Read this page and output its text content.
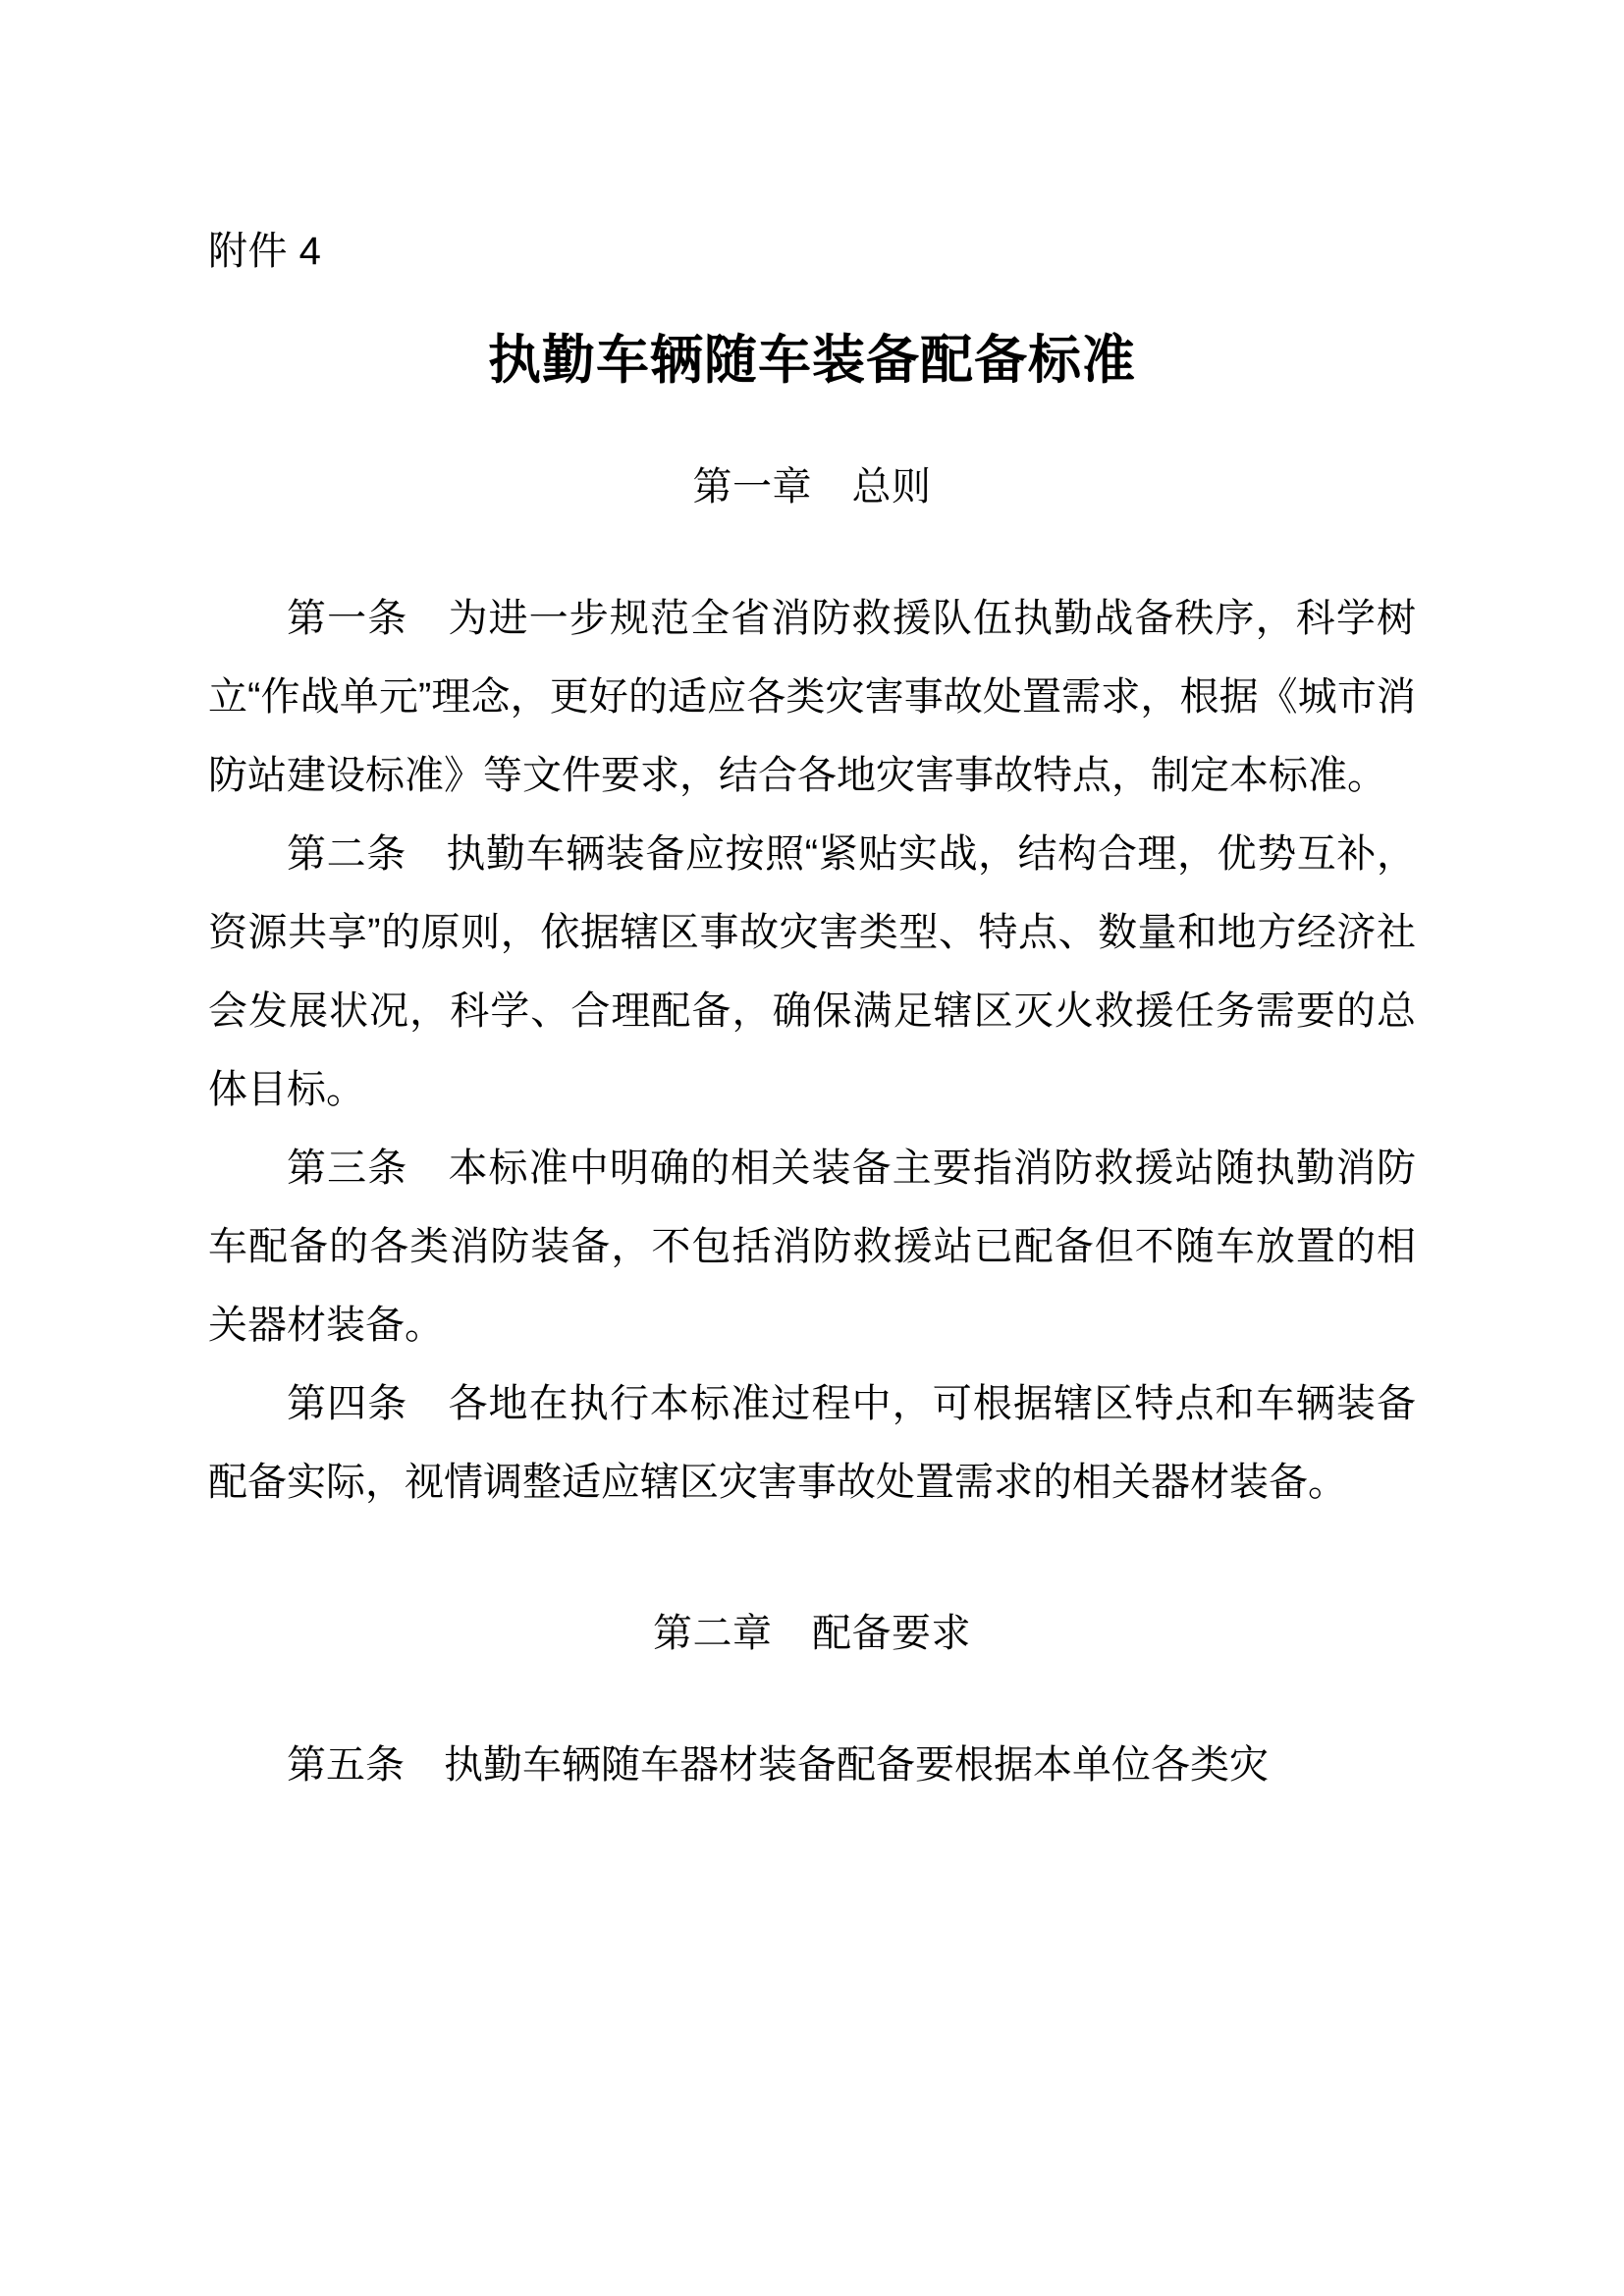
附件 4

执勤车辆随车装备配备标准
第一章　总则

第一条　为进一步规范全省消防救援队伍执勤战备秩序，科学树立“作战单元”理念，更好的适应各类灾害事故处置需求，根据《城市消防站建设标准》等文件要求，结合各地灾害事故特点，制定本标准。

第二条　执勤车辆装备应按照“紧贴实战，结构合理，优势互补，资源共享”的原则，依据辖区事故灾害类型、特点、数量和地方经济社会发展状况，科学、合理配备，确保满足辖区灭火救援任务需要的总体目标。

第三条　本标准中明确的相关装备主要指消防救援站随执勤消防车配备的各类消防装备，不包括消防救援站已配备但不随车放置的相关器材装备。

第四条　各地在执行本标准过程中，可根据辖区特点和车辆装备配备实际，视情调整适应辖区灾害事故处置需求的相关器材装备。

第二章　配备要求

第五条　执勤车辆随车器材装备配备要根据本单位各类灾
